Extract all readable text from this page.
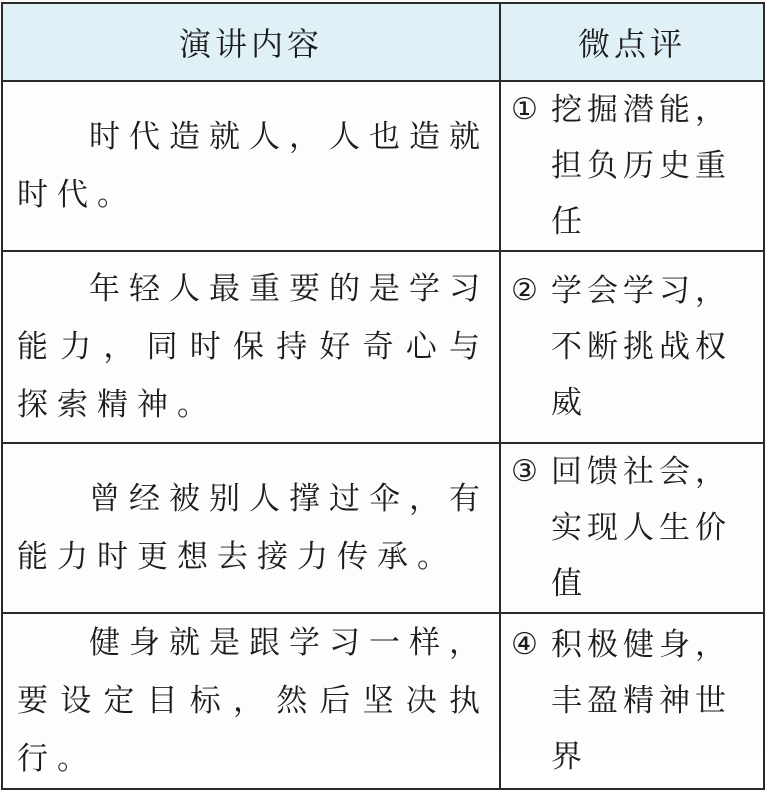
演讲内容	微点评
时代造就人，人也造就时代。	① 挖掘潜能，担负历史重任

年轻人最重要的是学习能力，同时保持好奇心与探索精神。	② 学会学习，不断挑战权威

曾经被别人撑过伞，有能力时更想去接力传承。	③ 回馈社会，实现人生价值

健身就是跟学习一样，要设定目标，然后坚决执行。	④ 积极健身，丰盈精神世界
